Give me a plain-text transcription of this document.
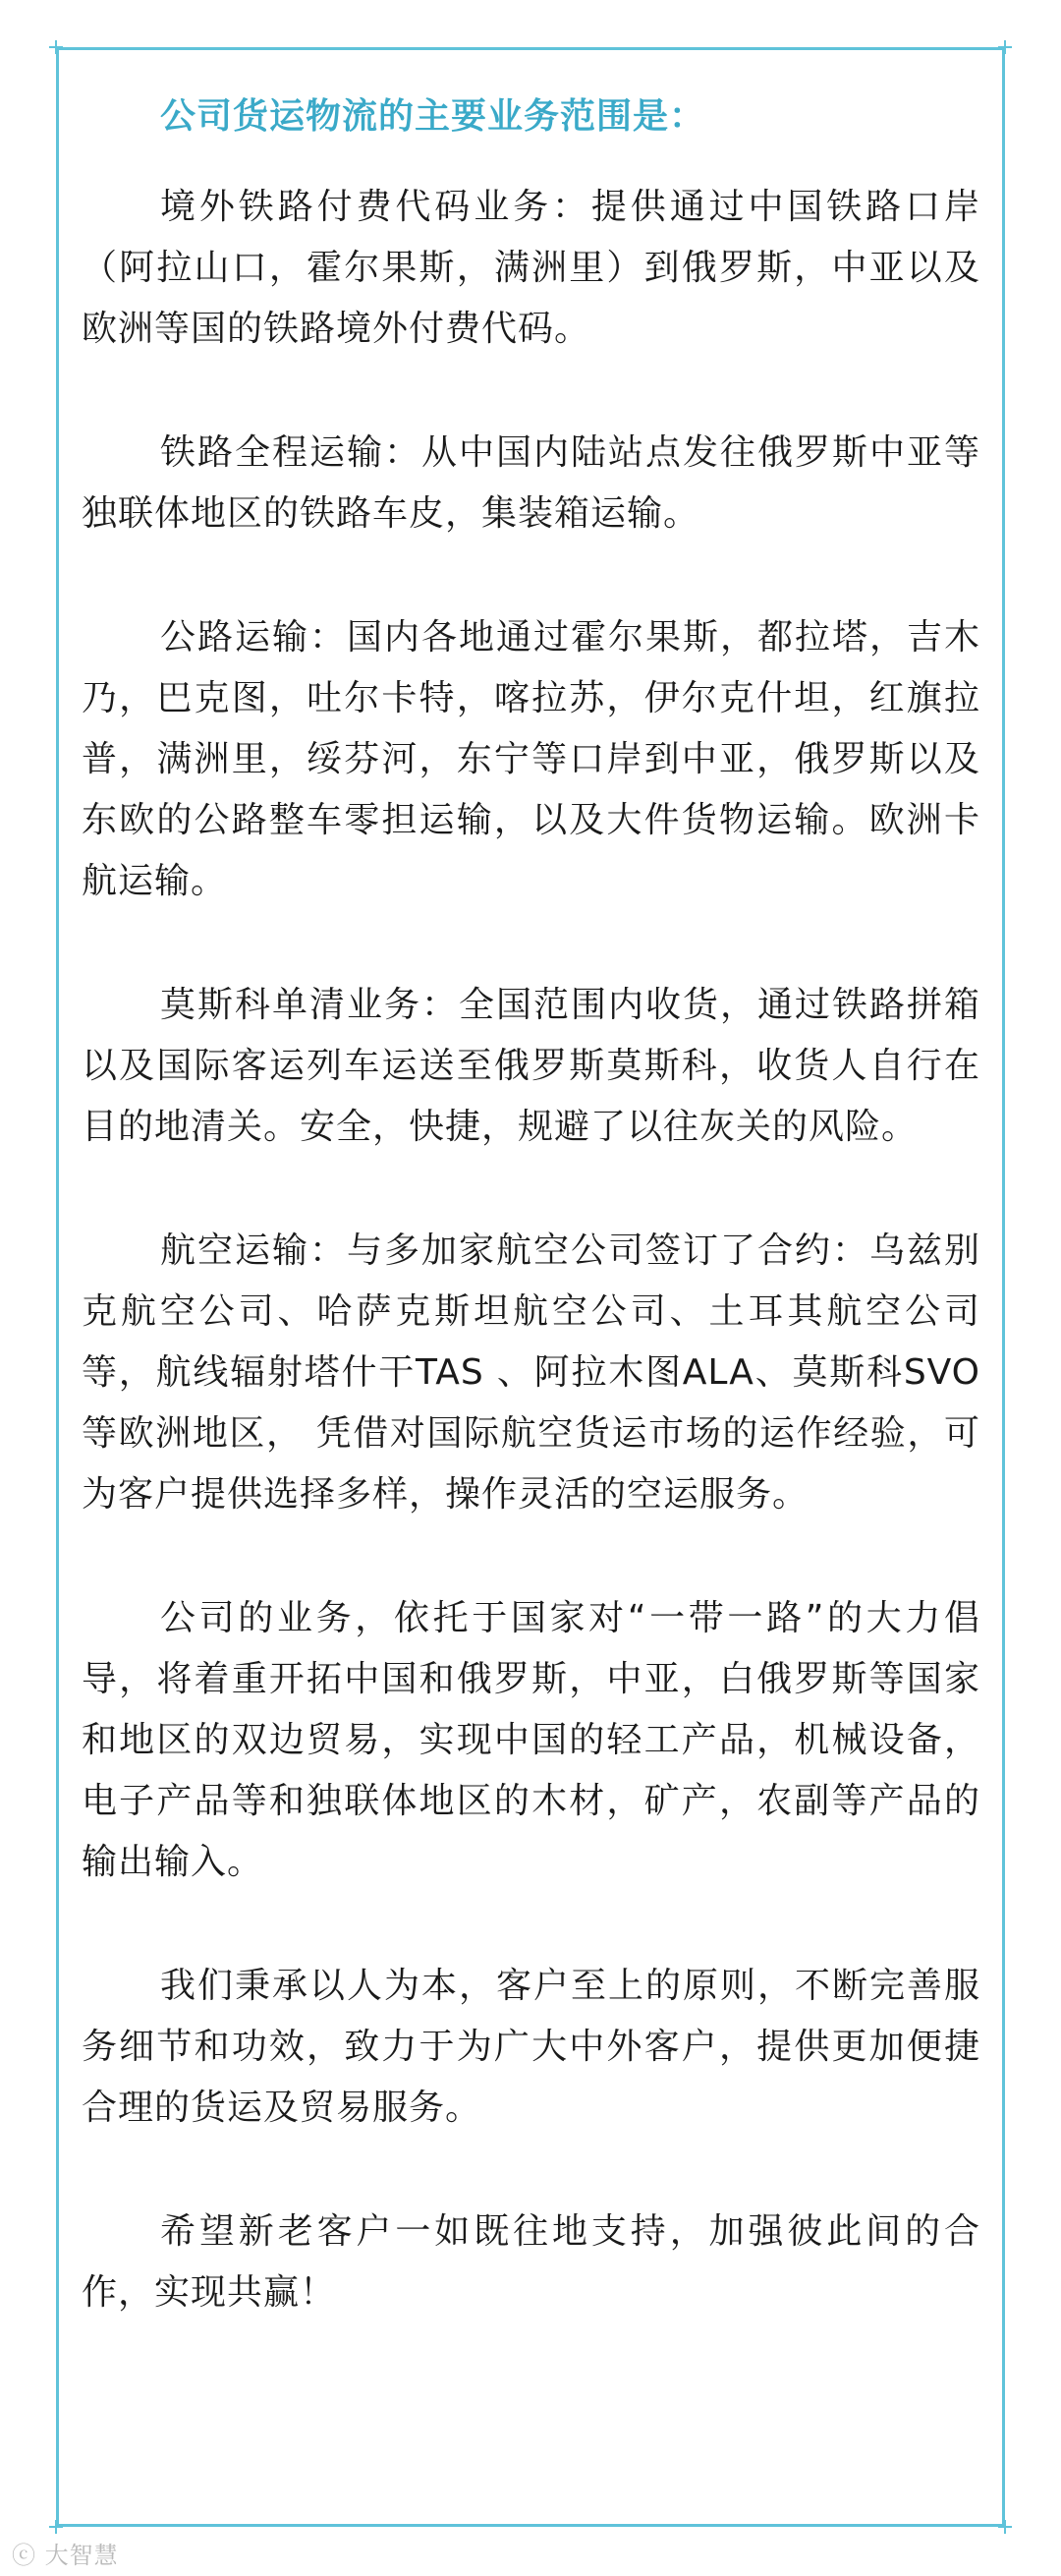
公司货运物流的主要业务范围是：

境外铁路付费代码业务：提供通过中国铁路口岸（阿拉山口，霍尔果斯，满洲里）到俄罗斯，中亚以及欧洲等国的铁路境外付费代码。

铁路全程运输：从中国内陆站点发往俄罗斯中亚等独联体地区的铁路车皮，集装箱运输。

公路运输：国内各地通过霍尔果斯，都拉塔，吉木乃，巴克图，吐尔卡特，喀拉苏，伊尔克什坦，红旗拉普，满洲里，绥芬河，东宁等口岸到中亚，俄罗斯以及东欧的公路整车零担运输，以及大件货物运输。欧洲卡航运输。

莫斯科单清业务：全国范围内收货，通过铁路拼箱以及国际客运列车运送至俄罗斯莫斯科，收货人自行在目的地清关。安全，快捷，规避了以往灰关的风险。

航空运输：与多加家航空公司签订了合约：乌兹别克航空公司、哈萨克斯坦航空公司、土耳其航空公司等，航线辐射塔什干TAS 、阿拉木图ALA、莫斯科SVO 等欧洲地区， 凭借对国际航空货运市场的运作经验，可为客户提供选择多样，操作灵活的空运服务。

公司的业务，依托于国家对“一带一路”的大力倡导，将着重开拓中国和俄罗斯，中亚，白俄罗斯等国家和地区的双边贸易，实现中国的轻工产品，机械设备，电子产品等和独联体地区的木材，矿产，农副等产品的输出输入。

我们秉承以人为本，客户至上的原则，不断完善服务细节和功效，致力于为广大中外客户，提供更加便捷合理的货运及贸易服务。

希望新老客户一如既往地支持，加强彼此间的合作，实现共赢！

ⓒ 大智慧
